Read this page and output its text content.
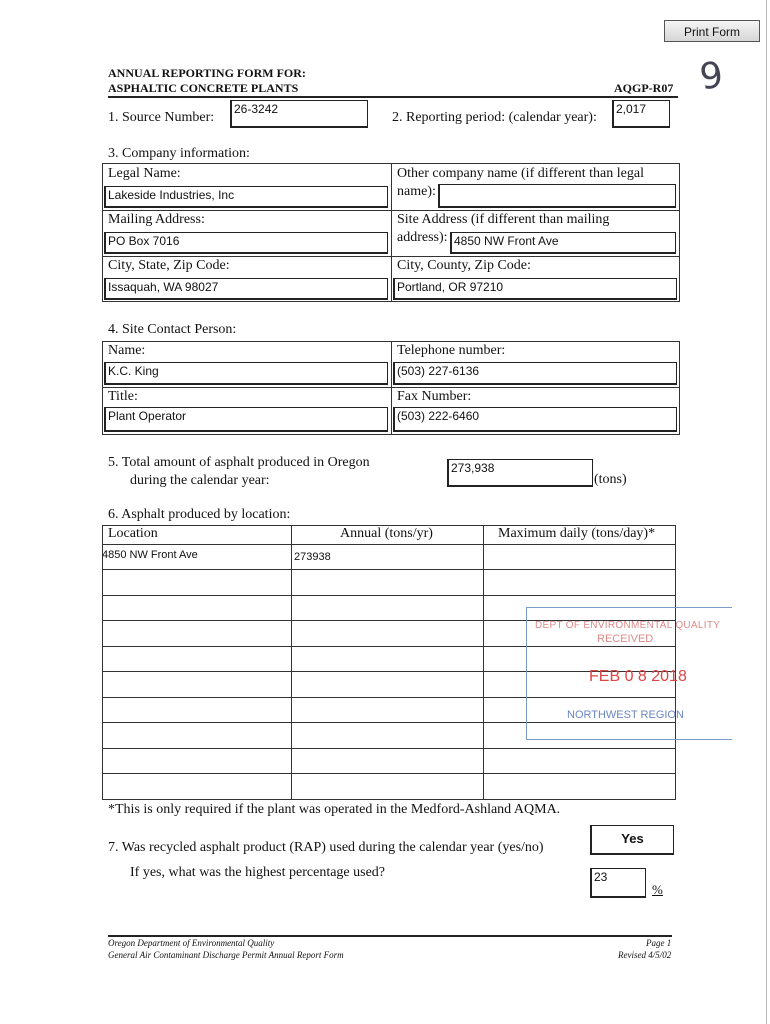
Print Form
ANNUAL REPORTING FORM FOR:
ASPHALTIC CONCRETE PLANTS	AQGP-R07 9
1. Source Number:
26-3242
2. Reporting period: (calendar year):
2,017
3. Company information:
Legal Name:
Lakeside Industries, Inc
Other company name (if different than legal
name):
Mailing Address:
PO Box 7016
Site Address (if different than mailing
address): 4850 NW Front Ave
City, State, Zip Code:
Issaquah, WA 98027
City, County, Zip Code:
Portland, OR 97210
4. Site Contact Person:
Name:
K.C. King
Telephone number:
(503) 227-6136
Title:
Plant Operator
Fax Number:
(503) 222-6460
5. Total amount of asphalt produced in Oregon
during the calendar year:
273,938
(tons)
6. Asphalt produced by location:
Location	Annual (tons/yr)	Maximum daily (tons/day)*
4850 NW Front Ave	273938
*This is only required if the plant was operated in the Medford-Ashland AQMA.
DEPT OF ENVIRONMENTAL QUALITY
RECEIVED
FEB 0 8 2018
NORTHWEST REGION
7. Was recycled asphalt product (RAP) used during the calendar year (yes/no)
Yes
If yes, what was the highest percentage used?	23
%
Oregon Department of Environmental Quality
General Air Contaminant Discharge Permit Annual Report Form
Page 1
Revised 4/5/02
